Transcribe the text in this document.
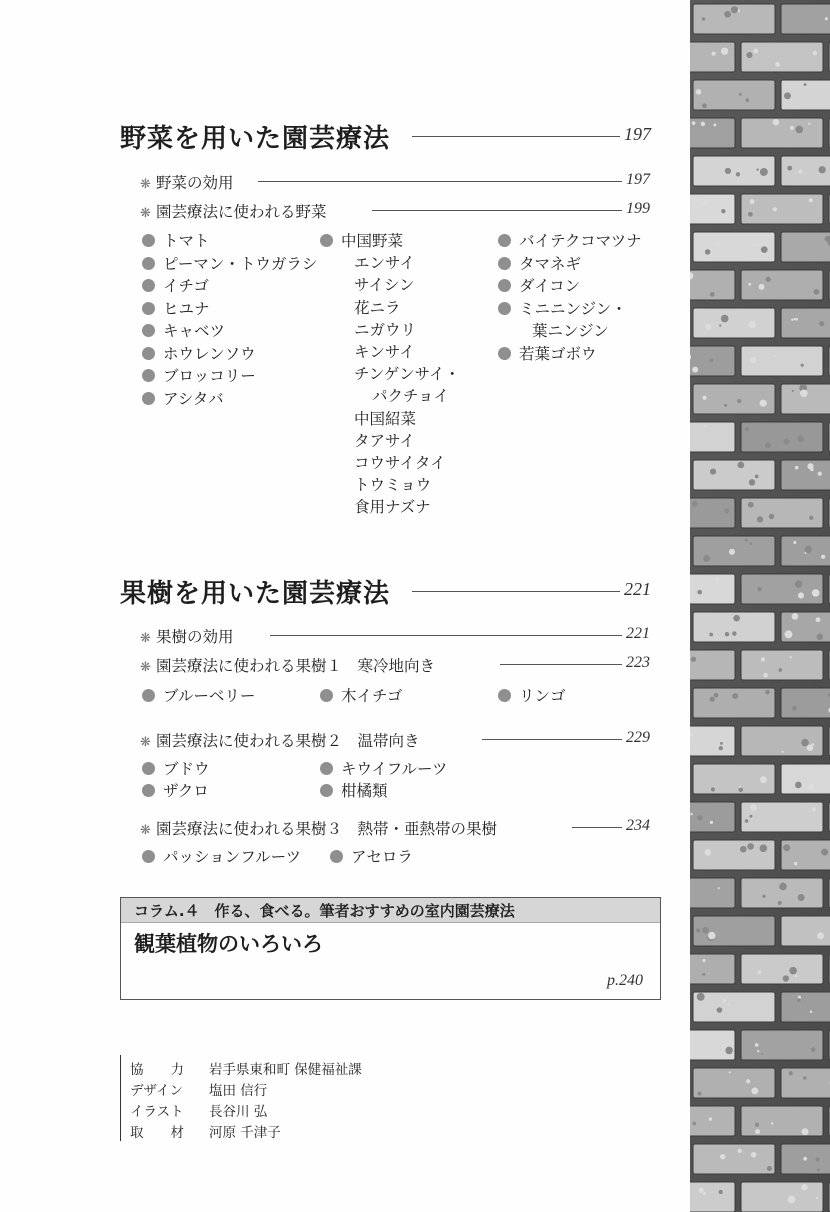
野菜を用いた園芸療法	197
❋ 野菜の効用	197
❋ 園芸療法に使われる野菜	199
トマト
ピーマン・トウガラシ
イチゴ
ヒユナ
キャベツ
ホウレンソウ
ブロッコリー
アシタバ
中国野菜
エンサイ
サイシン
花ニラ
ニガウリ
キンサイ
チンゲンサイ・
パクチョイ
中国紹菜
タアサイ
コウサイタイ
トウミョウ
食用ナズナ
バイテクコマツナ
タマネギ
ダイコン
ミニニンジン・
葉ニンジン
若葉ゴボウ
果樹を用いた園芸療法	221
❋ 果樹の効用	221
❋ 園芸療法に使われる果樹１　寒冷地向き	223
ブルーベリー	木イチゴ	リンゴ
❋ 園芸療法に使われる果樹２　温帯向き	229
ブドウ	キウイフルーツ
ザクロ	柑橘類
❋ 園芸療法に使われる果樹３　熱帯・亜熱帯の果樹	234
パッションフルーツ	アセロラ
コラム.４　作る、食べる。筆者おすすめの室内園芸療法
観葉植物のいろいろ
p.240
協　　力 岩手県東和町 保健福祉課
デザイン 塩田 信行
イラスト 長谷川 弘
取　　材 河原 千津子
